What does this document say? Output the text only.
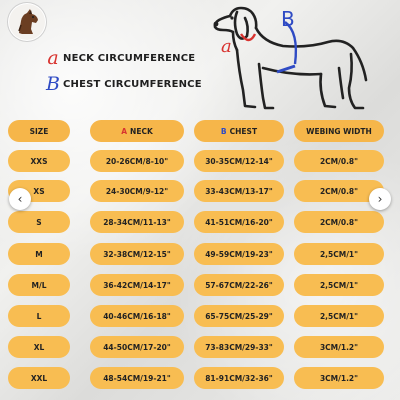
a NECK CIRCUMFERENCE
B CHEST CIRCUMFERENCE
a
B
SIZE	A NECK	B CHEST	WEBING WIDTH
XXS	20-26CM/8-10"	30-35CM/12-14"	2CM/0.8"
XS	24-30CM/9-12"	33-43CM/13-17"	2CM/0.8"
S	28-34CM/11-13"	41-51CM/16-20"	2CM/0.8"
M	32-38CM/12-15"	49-59CM/19-23"	2,5CM/1"
M/L	36-42CM/14-17"	57-67CM/22-26"	2,5CM/1"
L	40-46CM/16-18"	65-75CM/25-29"	2,5CM/1"
XL	44-50CM/17-20"	73-83CM/29-33"	3CM/1.2"
XXL	48-54CM/19-21"	81-91CM/32-36"	3CM/1.2"
‹	›
